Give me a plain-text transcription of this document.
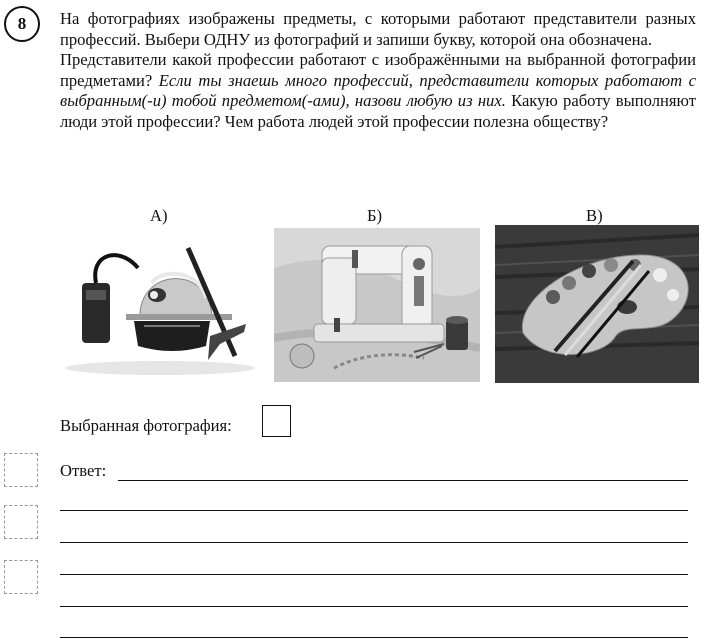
8	На фотографиях изображены предметы, с которыми работают представители разных профессий. Выбери ОДНУ из фотографий и запиши букву, которой она обозначена.

Представители какой профессии работают с изображёнными на выбранной фотографии предметами? Если ты знаешь много профессий, представители которых работают с выбранным(-и) тобой предметом(-ами), назови любую из них. Какую работу выполняют люди этой профессии? Чем работа людей этой профессии полезна обществу?

А)	Б)	В)
Выбранная фотография:
Ответ:
